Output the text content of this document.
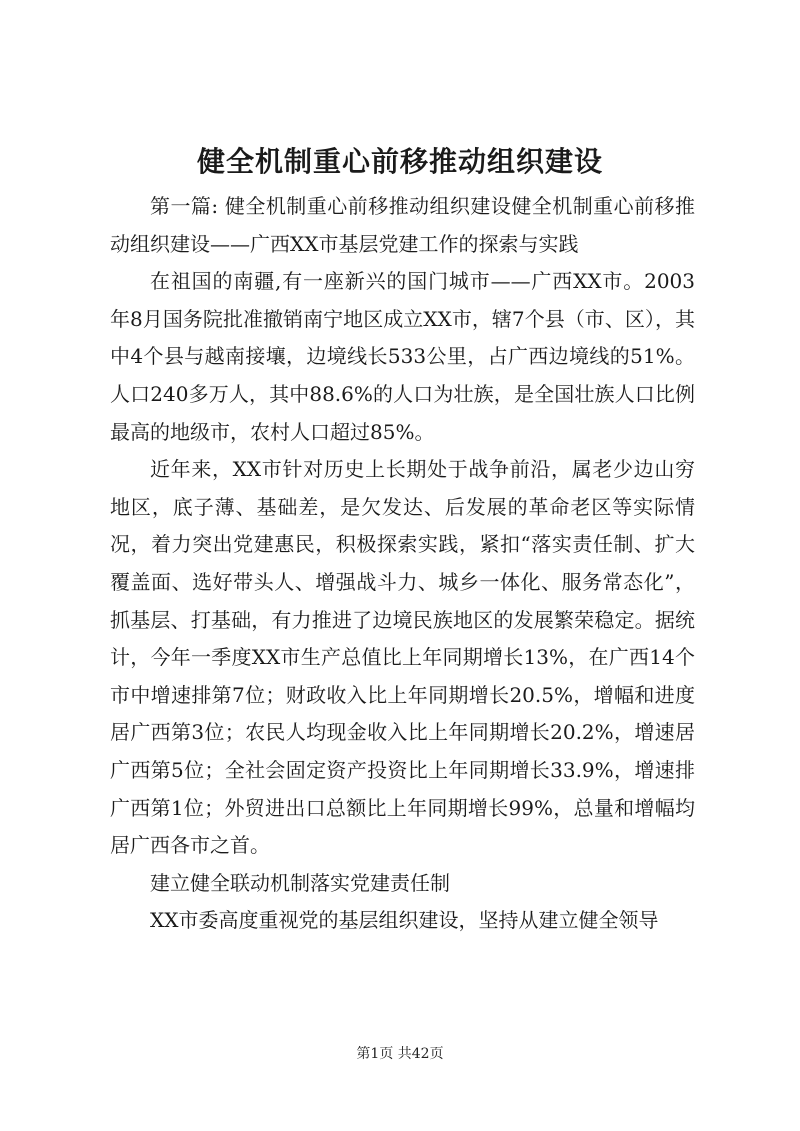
健全机制重心前移推动组织建设

第一篇: 健全机制重心前移推动组织建设健全机制重心前移推动组织建设——广西XX市基层党建工作的探索与实践

在祖国的南疆,有一座新兴的国门城市——广西XX市。2003年8月国务院批准撤销南宁地区成立XX市，辖7个县（市、区），其中4个县与越南接壤，边境线长533公里，占广西边境线的51%。人口240多万人，其中88.6%的人口为壮族，是全国壮族人口比例最高的地级市，农村人口超过85%。

近年来，XX市针对历史上长期处于战争前沿，属老少边山穷地区，底子薄、基础差，是欠发达、后发展的革命老区等实际情况，着力突出党建惠民，积极探索实践，紧扣“落实责任制、扩大覆盖面、选好带头人、增强战斗力、城乡一体化、服务常态化”，抓基层、打基础，有力推进了边境民族地区的发展繁荣稳定。据统计，今年一季度XX市生产总值比上年同期增长13%，在广西14个市中增速排第7位；财政收入比上年同期增长20.5%，增幅和进度居广西第3位；农民人均现金收入比上年同期增长20.2%，增速居广西第5位；全社会固定资产投资比上年同期增长33.9%，增速排广西第1位；外贸进出口总额比上年同期增长99%，总量和增幅均居广西各市之首。

建立健全联动机制落实党建责任制

XX市委高度重视党的基层组织建设，坚持从建立健全领导

第1页 共42页
